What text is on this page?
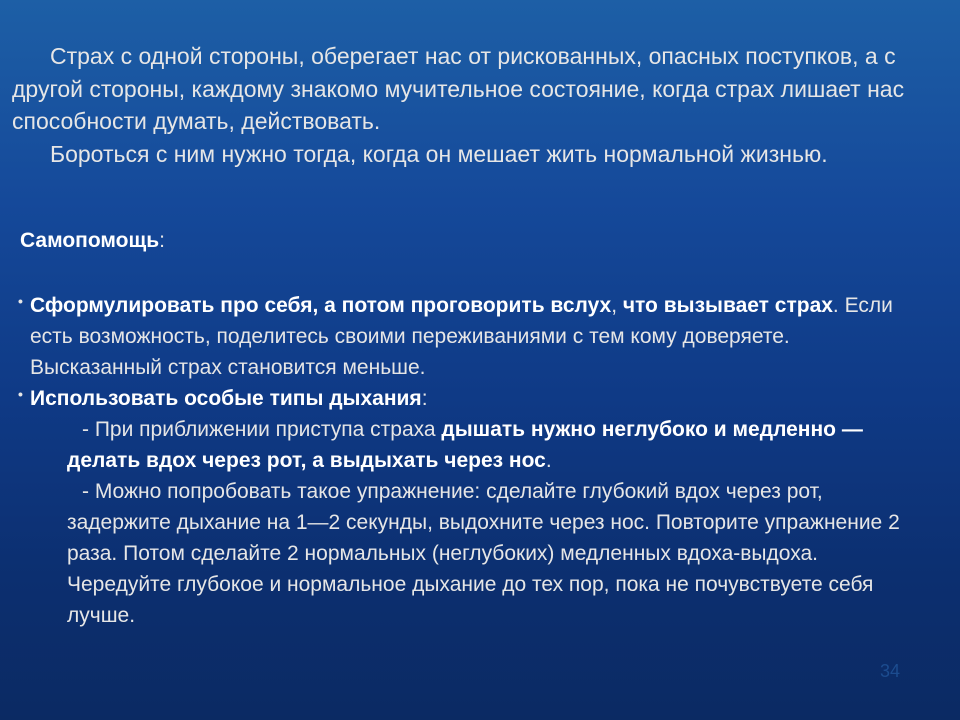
Страх с одной стороны, оберегает нас от рискованных, опасных поступков, а с другой стороны, каждому знакомо мучительное состояние, когда страх лишает нас способности думать, действовать.

Бороться с ним нужно тогда, когда он мешает жить нормальной жизнью.

Самопомощь:

• Сформулировать про себя, а потом проговорить вслух, что вызывает страх. Если есть возможность, поделитесь своими переживаниями с тем кому доверяете. Высказанный страх становится меньше.
• Использовать особые типы дыхания:
- При приближении приступа страха дышать нужно неглубоко и медленно — делать вдох через рот, а выдыхать через нос.
- Можно попробовать такое упражнение: сделайте глубокий вдох через рот, задержите дыхание на 1—2 секунды, выдохните через нос. Повторите упражнение 2 раза. Потом сделайте 2 нормальных (неглубоких) медленных вдоха-выдоха. Чередуйте глубокое и нормальное дыхание до тех пор, пока не почувствуете себя лучше.
34
